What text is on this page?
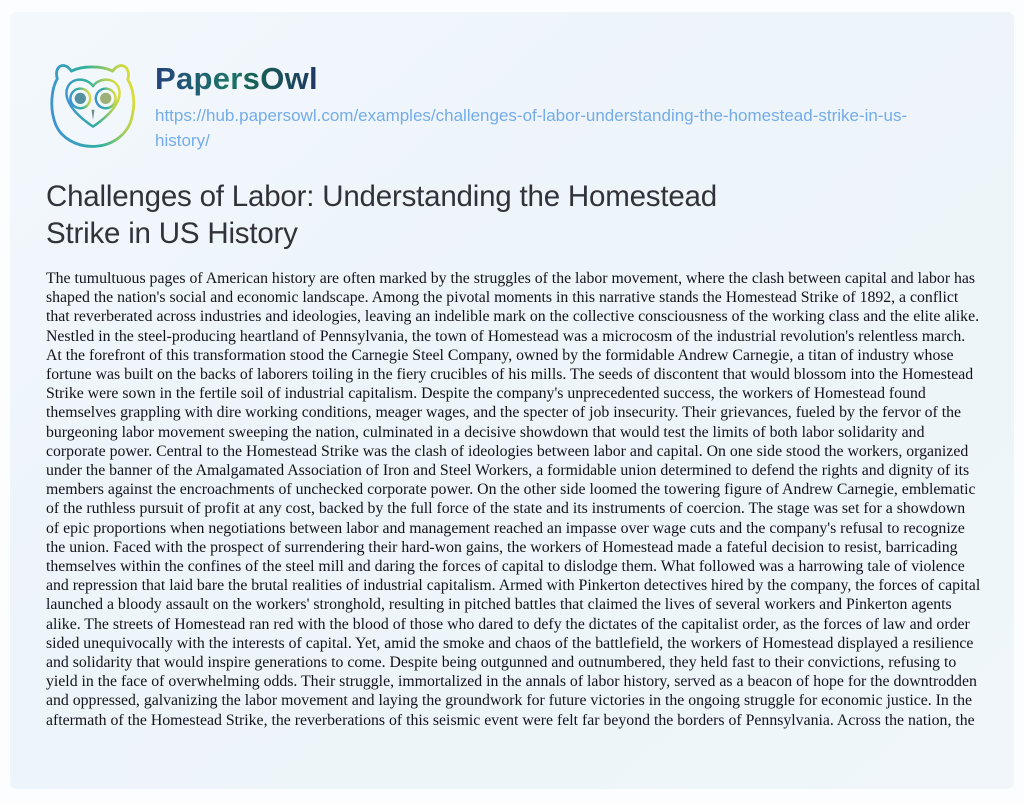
PapersOwl
https://hub.papersowl.com/examples/challenges-of-labor-understanding-the-homestead-strike-in-us-history/
Challenges of Labor: Understanding the Homestead Strike in US History

The tumultuous pages of American history are often marked by the struggles of the labor movement, where the clash between capital and labor has shaped the nation's social and economic landscape. Among the pivotal moments in this narrative stands the Homestead Strike of 1892, a conflict that reverberated across industries and ideologies, leaving an indelible mark on the collective consciousness of the working class and the elite alike. Nestled in the steel-producing heartland of Pennsylvania, the town of Homestead was a microcosm of the industrial revolution's relentless march. At the forefront of this transformation stood the Carnegie Steel Company, owned by the formidable Andrew Carnegie, a titan of industry whose fortune was built on the backs of laborers toiling in the fiery crucibles of his mills. The seeds of discontent that would blossom into the Homestead Strike were sown in the fertile soil of industrial capitalism. Despite the company's unprecedented success, the workers of Homestead found themselves grappling with dire working conditions, meager wages, and the specter of job insecurity. Their grievances, fueled by the fervor of the burgeoning labor movement sweeping the nation, culminated in a decisive showdown that would test the limits of both labor solidarity and corporate power. Central to the Homestead Strike was the clash of ideologies between labor and capital. On one side stood the workers, organized under the banner of the Amalgamated Association of Iron and Steel Workers, a formidable union determined to defend the rights and dignity of its members against the encroachments of unchecked corporate power. On the other side loomed the towering figure of Andrew Carnegie, emblematic of the ruthless pursuit of profit at any cost, backed by the full force of the state and its instruments of coercion. The stage was set for a showdown of epic proportions when negotiations between labor and management reached an impasse over wage cuts and the company's refusal to recognize the union. Faced with the prospect of surrendering their hard-won gains, the workers of Homestead made a fateful decision to resist, barricading themselves within the confines of the steel mill and daring the forces of capital to dislodge them. What followed was a harrowing tale of violence and repression that laid bare the brutal realities of industrial capitalism. Armed with Pinkerton detectives hired by the company, the forces of capital launched a bloody assault on the workers' stronghold, resulting in pitched battles that claimed the lives of several workers and Pinkerton agents alike. The streets of Homestead ran red with the blood of those who dared to defy the dictates of the capitalist order, as the forces of law and order sided unequivocally with the interests of capital. Yet, amid the smoke and chaos of the battlefield, the workers of Homestead displayed a resilience and solidarity that would inspire generations to come. Despite being outgunned and outnumbered, they held fast to their convictions, refusing to yield in the face of overwhelming odds. Their struggle, immortalized in the annals of labor history, served as a beacon of hope for the downtrodden and oppressed, galvanizing the labor movement and laying the groundwork for future victories in the ongoing struggle for economic justice. In the aftermath of the Homestead Strike, the reverberations of this seismic event were felt far beyond the borders of Pennsylvania. Across the nation, the
